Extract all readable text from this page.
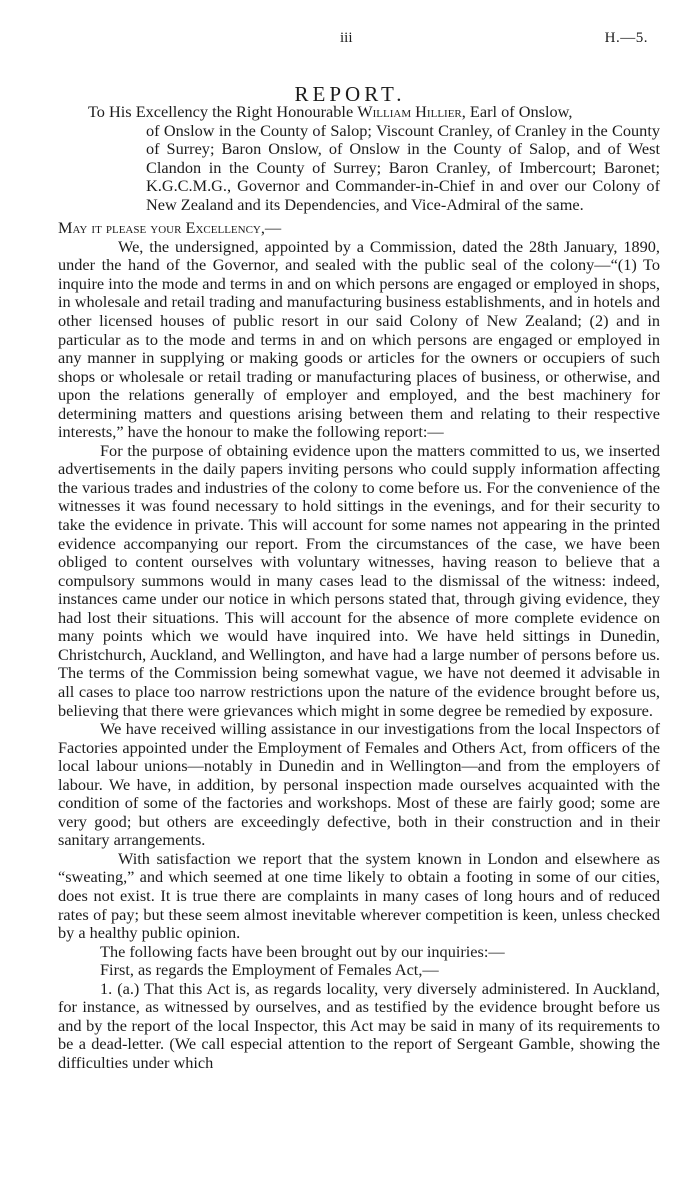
iii	H.—5.
REPORT.
To His Excellency the Right Honourable William Hillier, Earl of Onslow,
of Onslow in the County of Salop; Viscount Cranley, of Cranley in the County of Surrey; Baron Onslow, of Onslow in the County of Salop, and of West Clandon in the County of Surrey; Baron Cranley, of Imbercourt; Baronet; K.G.C.M.G., Governor and Commander-in-Chief in and over our Colony of New Zealand and its Dependencies, and Vice-Admiral of the same.

May it please your Excellency,—

We, the undersigned, appointed by a Commission, dated the 28th January, 1890, under the hand of the Governor, and sealed with the public seal of the colony—“(1) To inquire into the mode and terms in and on which persons are engaged or employed in shops, in wholesale and retail trading and manufacturing business establishments, and in hotels and other licensed houses of public resort in our said Colony of New Zealand; (2) and in particular as to the mode and terms in and on which persons are engaged or employed in any manner in supplying or making goods or articles for the owners or occupiers of such shops or wholesale or retail trading or manufacturing places of business, or otherwise, and upon the relations generally of employer and employed, and the best machinery for determining matters and questions arising between them and relating to their respective interests,” have the honour to make the following report:—

For the purpose of obtaining evidence upon the matters committed to us, we inserted advertisements in the daily papers inviting persons who could supply information affecting the various trades and industries of the colony to come before us. For the convenience of the witnesses it was found necessary to hold sittings in the evenings, and for their security to take the evidence in private. This will account for some names not appearing in the printed evidence accompanying our report. From the circumstances of the case, we have been obliged to content ourselves with voluntary witnesses, having reason to believe that a compulsory summons would in many cases lead to the dismissal of the witness: indeed, instances came under our notice in which persons stated that, through giving evidence, they had lost their situations. This will account for the absence of more complete evidence on many points which we would have inquired into. We have held sittings in Dunedin, Christchurch, Auckland, and Wellington, and have had a large number of persons before us. The terms of the Commission being somewhat vague, we have not deemed it advisable in all cases to place too narrow restrictions upon the nature of the evidence brought before us, believing that there were grievances which might in some degree be remedied by exposure.

We have received willing assistance in our investigations from the local Inspectors of Factories appointed under the Employment of Females and Others Act, from officers of the local labour unions—notably in Dunedin and in Wellington—and from the employers of labour. We have, in addition, by personal inspection made ourselves acquainted with the condition of some of the factories and workshops. Most of these are fairly good; some are very good; but others are exceedingly defective, both in their construction and in their sanitary arrangements.

With satisfaction we report that the system known in London and elsewhere as “sweating,” and which seemed at one time likely to obtain a footing in some of our cities, does not exist. It is true there are complaints in many cases of long hours and of reduced rates of pay; but these seem almost inevitable wherever competition is keen, unless checked by a healthy public opinion.

The following facts have been brought out by our inquiries:—

First, as regards the Employment of Females Act,—

1. (a.) That this Act is, as regards locality, very diversely administered. In Auckland, for instance, as witnessed by ourselves, and as testified by the evidence brought before us and by the report of the local Inspector, this Act may be said in many of its requirements to be a dead-letter. (We call especial attention to the report of Sergeant Gamble, showing the difficulties under which
